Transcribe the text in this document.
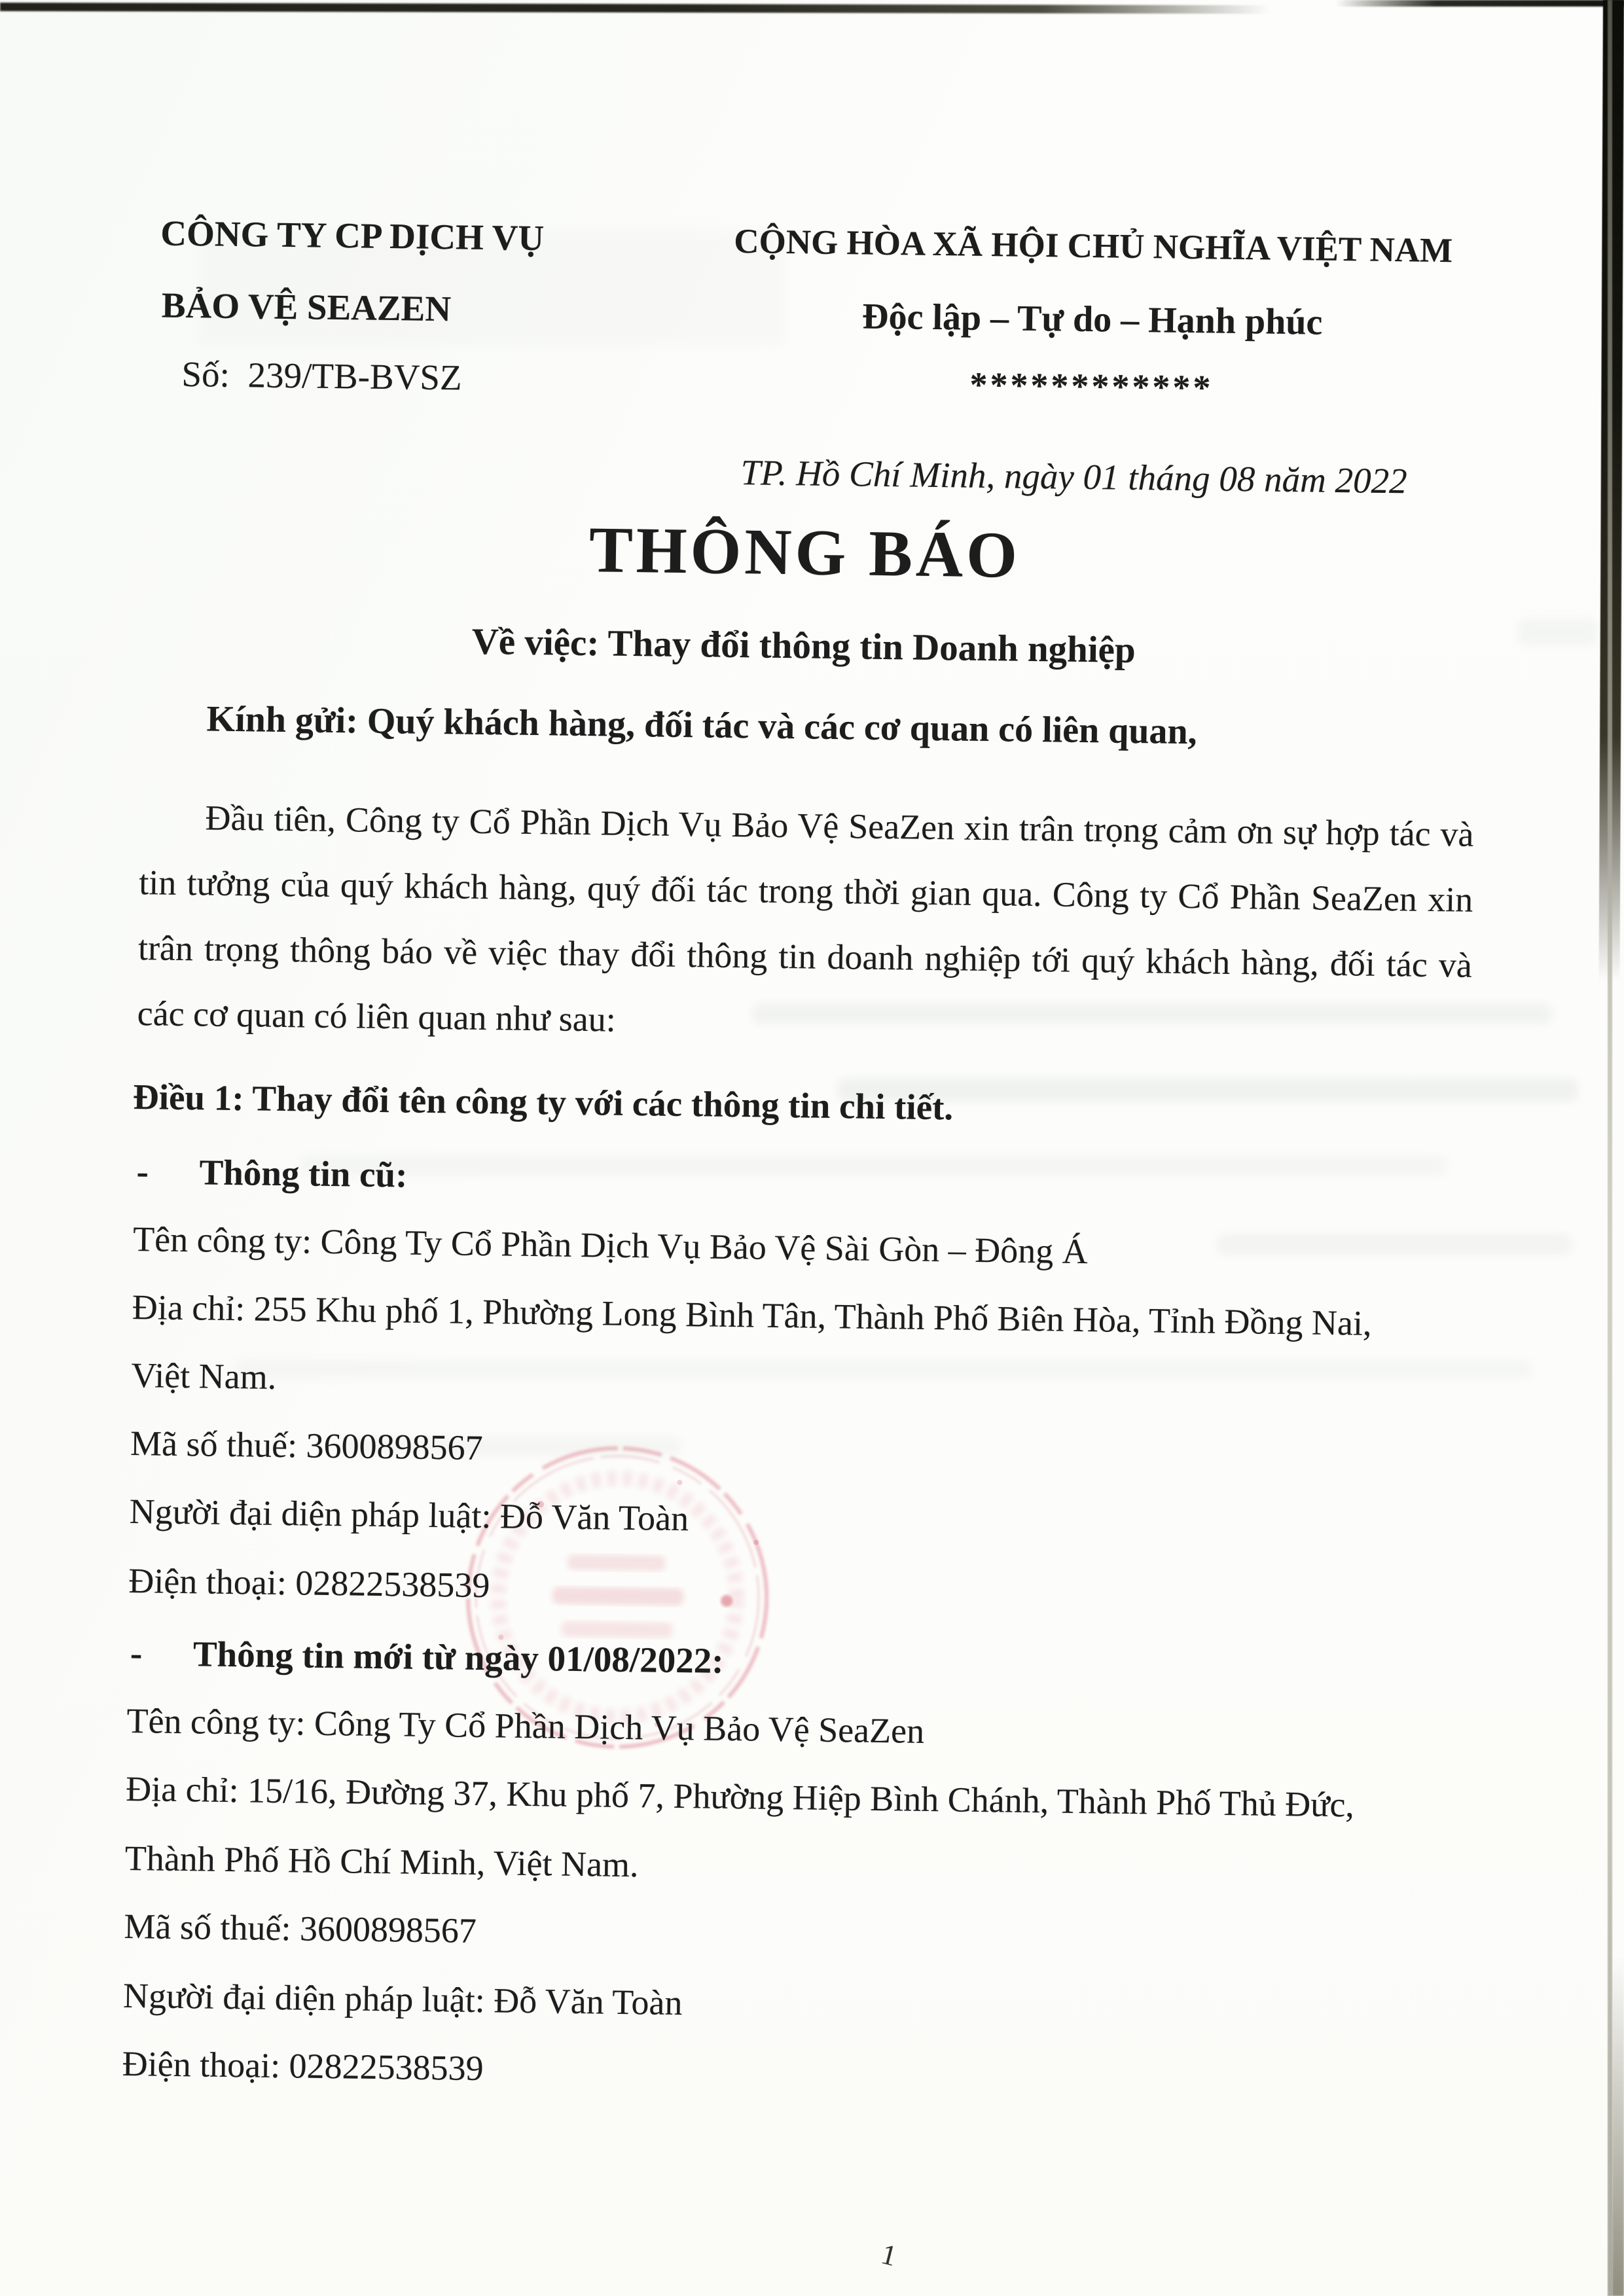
CÔNG TY CP DỊCH VỤ
BẢO VỆ SEAZEN
Số: 239/TB-BVSZ
CỘNG HÒA XÃ HỘI CHỦ NGHĨA VIỆT NAM
Độc lập – Tự do – Hạnh phúc
************
TP. Hồ Chí Minh, ngày 01 tháng 08 năm 2022
THÔNG BÁO
Về việc: Thay đổi thông tin Doanh nghiệp
Kính gửi: Quý khách hàng, đối tác và các cơ quan có liên quan,
Đầu tiên, Công ty Cổ Phần Dịch Vụ Bảo Vệ SeaZen xin trân trọng cảm ơn sự hợp tác và tin tưởng của quý khách hàng, quý đối tác trong thời gian qua. Công ty Cổ Phần SeaZen xin trân trọng thông báo về việc thay đổi thông tin doanh nghiệp tới quý khách hàng, đối tác và các cơ quan có liên quan như sau:
Điều 1: Thay đổi tên công ty với các thông tin chi tiết.
- Thông tin cũ:
Tên công ty: Công Ty Cổ Phần Dịch Vụ Bảo Vệ Sài Gòn – Đông Á
Địa chỉ: 255 Khu phố 1, Phường Long Bình Tân, Thành Phố Biên Hòa, Tỉnh Đồng Nai,
Việt Nam.
Mã số thuế: 3600898567
Người đại diện pháp luật: Đỗ Văn Toàn
Điện thoại: 02822538539
- Thông tin mới từ ngày 01/08/2022:
Tên công ty: Công Ty Cổ Phần Dịch Vụ Bảo Vệ SeaZen
Địa chỉ: 15/16, Đường 37, Khu phố 7, Phường Hiệp Bình Chánh, Thành Phố Thủ Đức,
Thành Phố Hồ Chí Minh, Việt Nam.
Mã số thuế: 3600898567
Người đại diện pháp luật: Đỗ Văn Toàn
Điện thoại: 02822538539
1
